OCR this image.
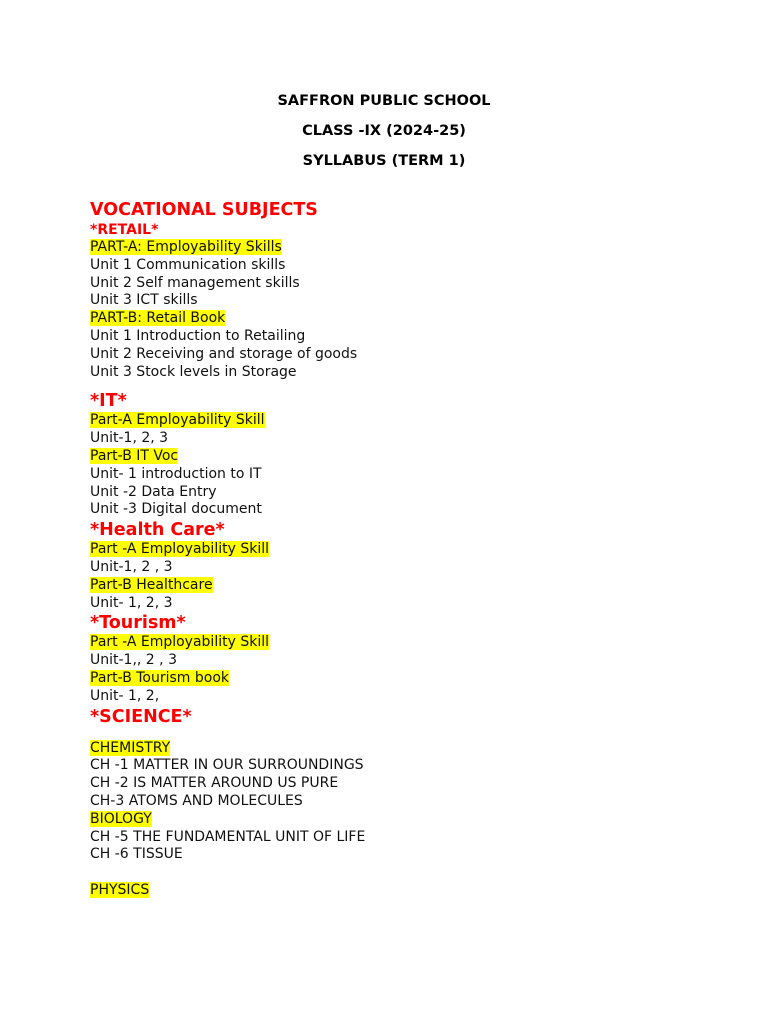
SAFFRON PUBLIC SCHOOL
CLASS -IX (2024-25)
SYLLABUS (TERM 1)
VOCATIONAL SUBJECTS
*RETAIL*
PART-A: Employability Skills
Unit 1 Communication skills
Unit 2 Self management skills
Unit 3 ICT skills
PART-B: Retail Book
Unit 1 Introduction to Retailing
Unit 2 Receiving and storage of goods
Unit 3 Stock levels in Storage
*IT*
Part-A Employability Skill
Unit-1, 2, 3
Part-B IT Voc
Unit- 1 introduction to IT
Unit -2 Data Entry
Unit -3 Digital document
*Health Care*
Part -A Employability Skill
Unit-1, 2 , 3
Part-B Healthcare
Unit- 1, 2, 3
*Tourism*
Part -A Employability Skill
Unit-1,, 2 , 3
Part-B Tourism book
Unit- 1, 2,
*SCIENCE*
CHEMISTRY
CH -1 MATTER IN OUR SURROUNDINGS
CH -2 IS MATTER AROUND US PURE
CH-3 ATOMS AND MOLECULES
BIOLOGY
CH -5 THE FUNDAMENTAL UNIT OF LIFE
CH -6 TISSUE
PHYSICS
